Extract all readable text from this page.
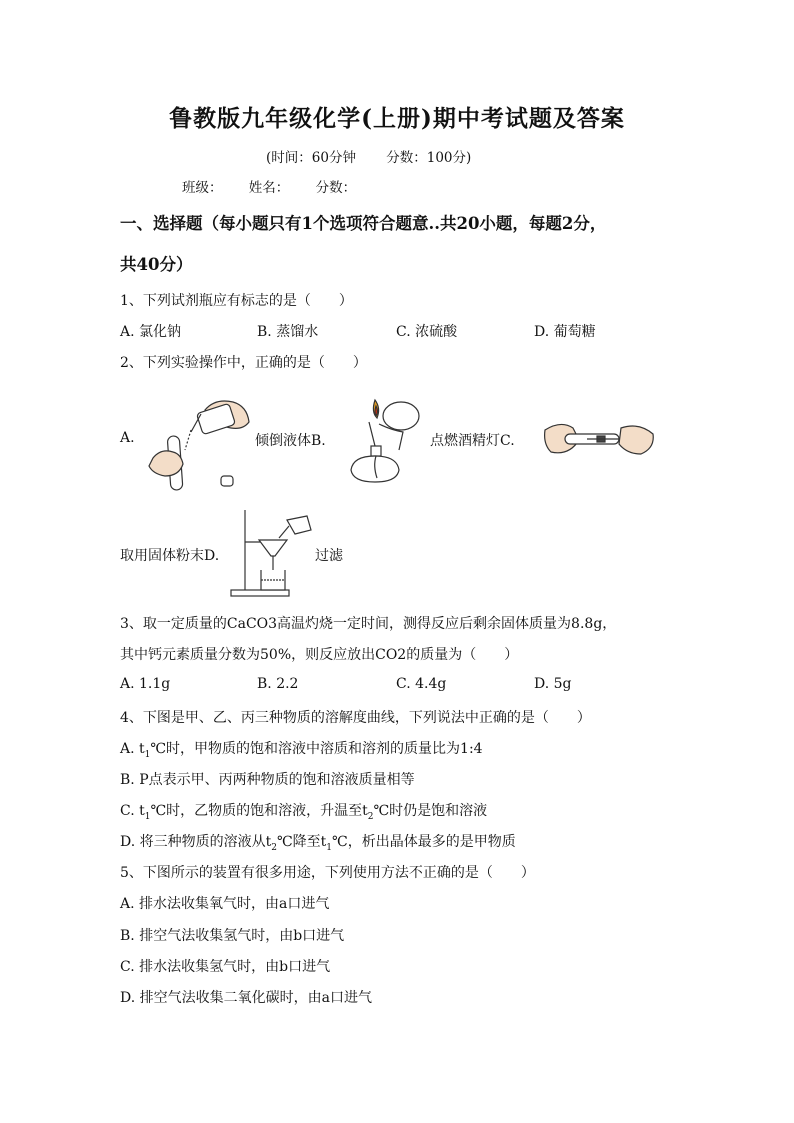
鲁教版九年级化学(上册)期中考试题及答案
(时间：60分钟 分数：100分)
班级： 姓名： 分数：
一、选择题（每小题只有1个选项符合题意..共20小题，每题2分，
共40分）
1、下列试剂瓶应有标志的是（　　）
A. 氯化钠	B. 蒸馏水	C. 浓硫酸	D. 葡萄糖
2、下列实验操作中，正确的是（　　）
A.	倾倒液体B.	点燃酒精灯C.
取用固体粉末D.	过滤
3、取一定质量的CaCO3高温灼烧一定时间，测得反应后剩余固体质量为8.8g，
其中钙元素质量分数为50%，则反应放出CO2的质量为（　　）
A. 1.1g	B. 2.2	C. 4.4g	D. 5g
4、下图是甲、乙、丙三种物质的溶解度曲线，下列说法中正确的是（　　）
A. $t_1℃$时，甲物质的饱和溶液中溶质和溶剂的质量比为1:4
B. P点表示甲、丙两种物质的饱和溶液质量相等
C. $t_1℃$时，乙物质的饱和溶液，升温至$t_2℃$时仍是饱和溶液
D. 将三种物质的溶液从$t_2℃$降至$t_1℃$，析出晶体最多的是甲物质
5、下图所示的装置有很多用途，下列使用方法不正确的是（　　）
A. 排水法收集氧气时，由a口进气
B. 排空气法收集氢气时，由b口进气
C. 排水法收集氢气时，由b口进气
D. 排空气法收集二氧化碳时，由a口进气
